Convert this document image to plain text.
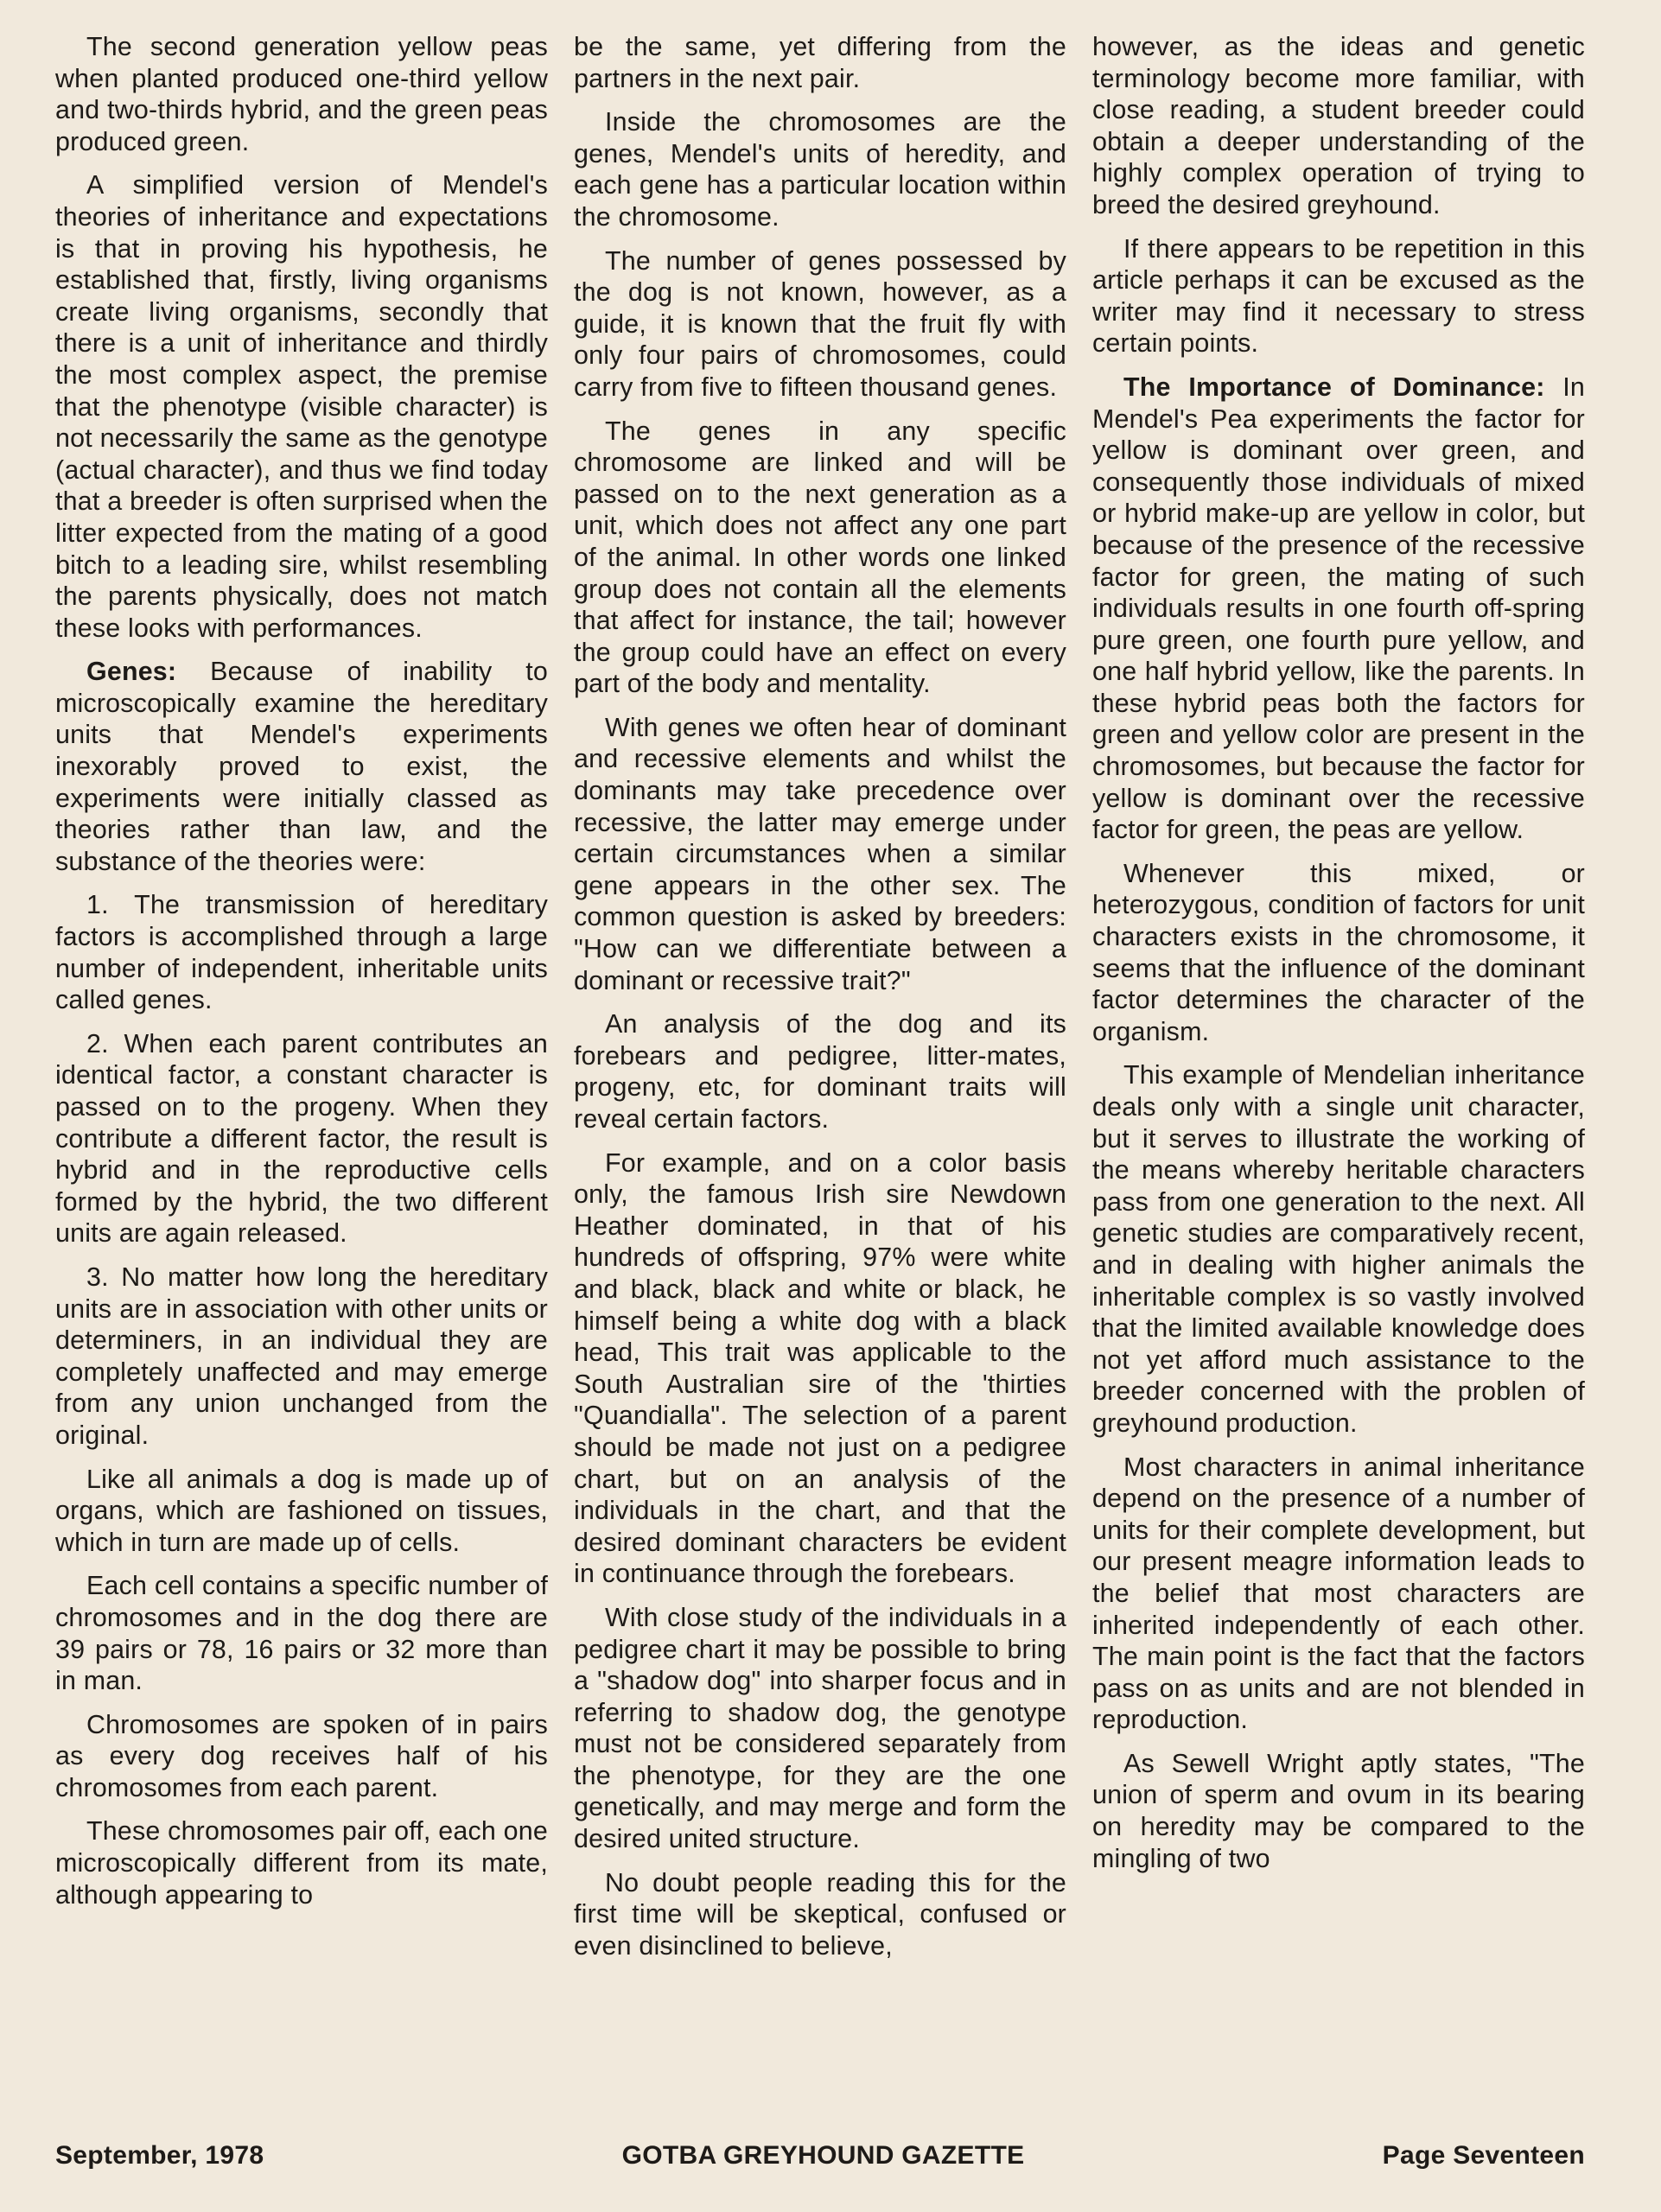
The second generation yellow peas when planted produced one-third yellow and two-thirds hybrid, and the green peas produced green.

A simplified version of Mendel's theories of inheritance and expectations is that in proving his hypothesis, he established that, firstly, living organisms create living organisms, secondly that there is a unit of inheritance and thirdly the most complex aspect, the premise that the phenotype (visible character) is not necessarily the same as the genotype (actual character), and thus we find today that a breeder is often surprised when the litter expected from the mating of a good bitch to a leading sire, whilst resembling the parents physically, does not match these looks with performances.

Genes: Because of inability to microscopically examine the hereditary units that Mendel's experiments inexorably proved to exist, the experiments were initially classed as theories rather than law, and the substance of the theories were:

1. The transmission of hereditary factors is accomplished through a large number of independent, inheritable units called genes.

2. When each parent contributes an identical factor, a constant character is passed on to the progeny. When they contribute a different factor, the result is hybrid and in the reproductive cells formed by the hybrid, the two different units are again released.

3. No matter how long the hereditary units are in association with other units or determiners, in an individual they are completely unaffected and may emerge from any union unchanged from the original.

Like all animals a dog is made up of organs, which are fashioned on tissues, which in turn are made up of cells.

Each cell contains a specific number of chromosomes and in the dog there are 39 pairs or 78, 16 pairs or 32 more than in man.

Chromosomes are spoken of in pairs as every dog receives half of his chromosomes from each parent.

These chromosomes pair off, each one microscopically different from its mate, although appearing to

be the same, yet differing from the partners in the next pair.

Inside the chromosomes are the genes, Mendel's units of heredity, and each gene has a particular location within the chromosome.

The number of genes possessed by the dog is not known, however, as a guide, it is known that the fruit fly with only four pairs of chromosomes, could carry from five to fifteen thousand genes.

The genes in any specific chromosome are linked and will be passed on to the next generation as a unit, which does not affect any one part of the animal. In other words one linked group does not contain all the elements that affect for instance, the tail; however the group could have an effect on every part of the body and mentality.

With genes we often hear of dominant and recessive elements and whilst the dominants may take precedence over recessive, the latter may emerge under certain circumstances when a similar gene appears in the other sex. The common question is asked by breeders: "How can we differentiate between a dominant or recessive trait?"

An analysis of the dog and its forebears and pedigree, litter-mates, progeny, etc, for dominant traits will reveal certain factors.

For example, and on a color basis only, the famous Irish sire Newdown Heather dominated, in that of his hundreds of offspring, 97% were white and black, black and white or black, he himself being a white dog with a black head, This trait was applicable to the South Australian sire of the 'thirties "Quandialla". The selection of a parent should be made not just on a pedigree chart, but on an analysis of the individuals in the chart, and that the desired dominant characters be evident in continuance through the forebears.

With close study of the individuals in a pedigree chart it may be possible to bring a "shadow dog" into sharper focus and in referring to shadow dog, the genotype must not be considered separately from the phenotype, for they are the one genetically, and may merge and form the desired united structure.

No doubt people reading this for the first time will be skeptical, confused or even disinclined to believe,

however, as the ideas and genetic terminology become more familiar, with close reading, a student breeder could obtain a deeper understanding of the highly complex operation of trying to breed the desired greyhound.

If there appears to be repetition in this article perhaps it can be excused as the writer may find it necessary to stress certain points.

The Importance of Dominance: In Mendel's Pea experiments the factor for yellow is dominant over green, and consequently those individuals of mixed or hybrid make-up are yellow in color, but because of the presence of the recessive factor for green, the mating of such individuals results in one fourth off-spring pure green, one fourth pure yellow, and one half hybrid yellow, like the parents. In these hybrid peas both the factors for green and yellow color are present in the chromosomes, but because the factor for yellow is dominant over the recessive factor for green, the peas are yellow.

Whenever this mixed, or heterozygous, condition of factors for unit characters exists in the chromosome, it seems that the influence of the dominant factor determines the character of the organism.

This example of Mendelian inheritance deals only with a single unit character, but it serves to illustrate the working of the means whereby heritable characters pass from one generation to the next. All genetic studies are comparatively recent, and in dealing with higher animals the inheritable complex is so vastly involved that the limited available knowledge does not yet afford much assistance to the breeder concerned with the problen of greyhound production.

Most characters in animal inheritance depend on the presence of a number of units for their complete development, but our present meagre information leads to the belief that most characters are inherited independently of each other. The main point is the fact that the factors pass on as units and are not blended in reproduction.

As Sewell Wright aptly states, "The union of sperm and ovum in its bearing on heredity may be compared to the mingling of two

September, 1978	GOTBA GREYHOUND GAZETTE	Page Seventeen
